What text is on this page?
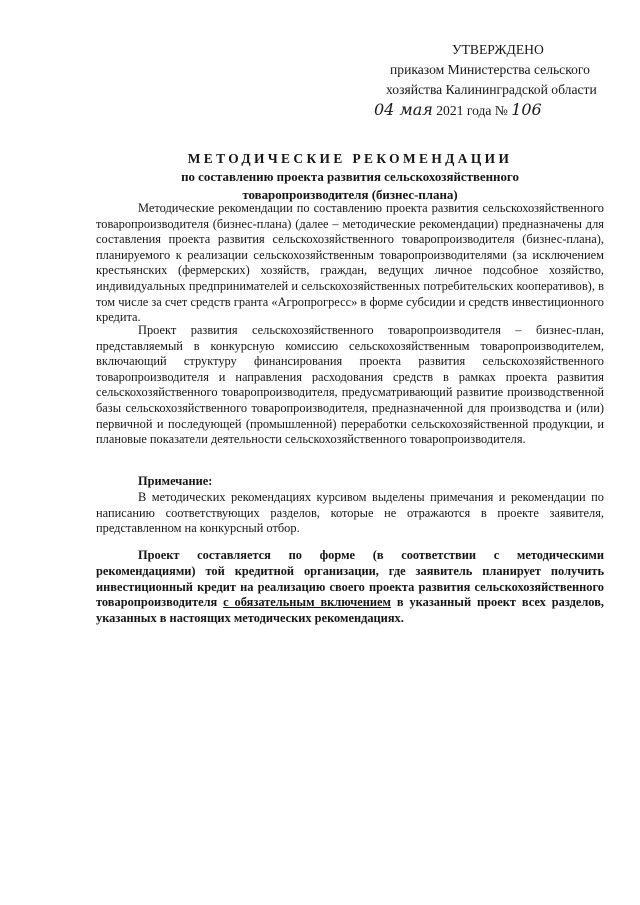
УТВЕРЖДЕНО
приказом Министерства сельского
хозяйства Калининградской области
04 мая 2021 года № 106
МЕТОДИЧЕСКИЕ РЕКОМЕНДАЦИИ
по составлению проекта развития сельскохозяйственного
товаропроизводителя (бизнес-плана)

Методические рекомендации по составлению проекта развития сельскохозяйственного товаропроизводителя (бизнес-плана) (далее – методические рекомендации) предназначены для составления проекта развития сельскохозяйственного товаропроизводителя (бизнес-плана), планируемого к реализации сельскохозяйственным товаропроизводителями (за исключением крестьянских (фермерских) хозяйств, граждан, ведущих личное подсобное хозяйство, индивидуальных предпринимателей и сельскохозяйственных потребительских кооперативов), в том числе за счет средств гранта «Агропрогресс» в форме субсидии и средств инвестиционного кредита.

Проект развития сельскохозяйственного товаропроизводителя – бизнес-план, представляемый в конкурсную комиссию сельскохозяйственным товаропроизводителем, включающий структуру финансирования проекта развития сельскохозяйственного товаропроизводителя и направления расходования средств в рамках проекта развития сельскохозяйственного товаропроизводителя, предусматривающий развитие производственной базы сельскохозяйственного товаропроизводителя, предназначенной для производства и (или) первичной и последующей (промышленной) переработки сельскохозяйственной продукции, и плановые показатели деятельности сельскохозяйственного товаропроизводителя.

Примечание:

В методических рекомендациях курсивом выделены примечания и рекомендации по написанию соответствующих разделов, которые не отражаются в проекте заявителя, представленном на конкурсный отбор.

Проект составляется по форме (в соответствии с методическими рекомендациями) той кредитной организации, где заявитель планирует получить инвестиционный кредит на реализацию своего проекта развития сельскохозяйственного товаропроизводителя с обязательным включением в указанный проект всех разделов, указанных в настоящих методических рекомендациях.
